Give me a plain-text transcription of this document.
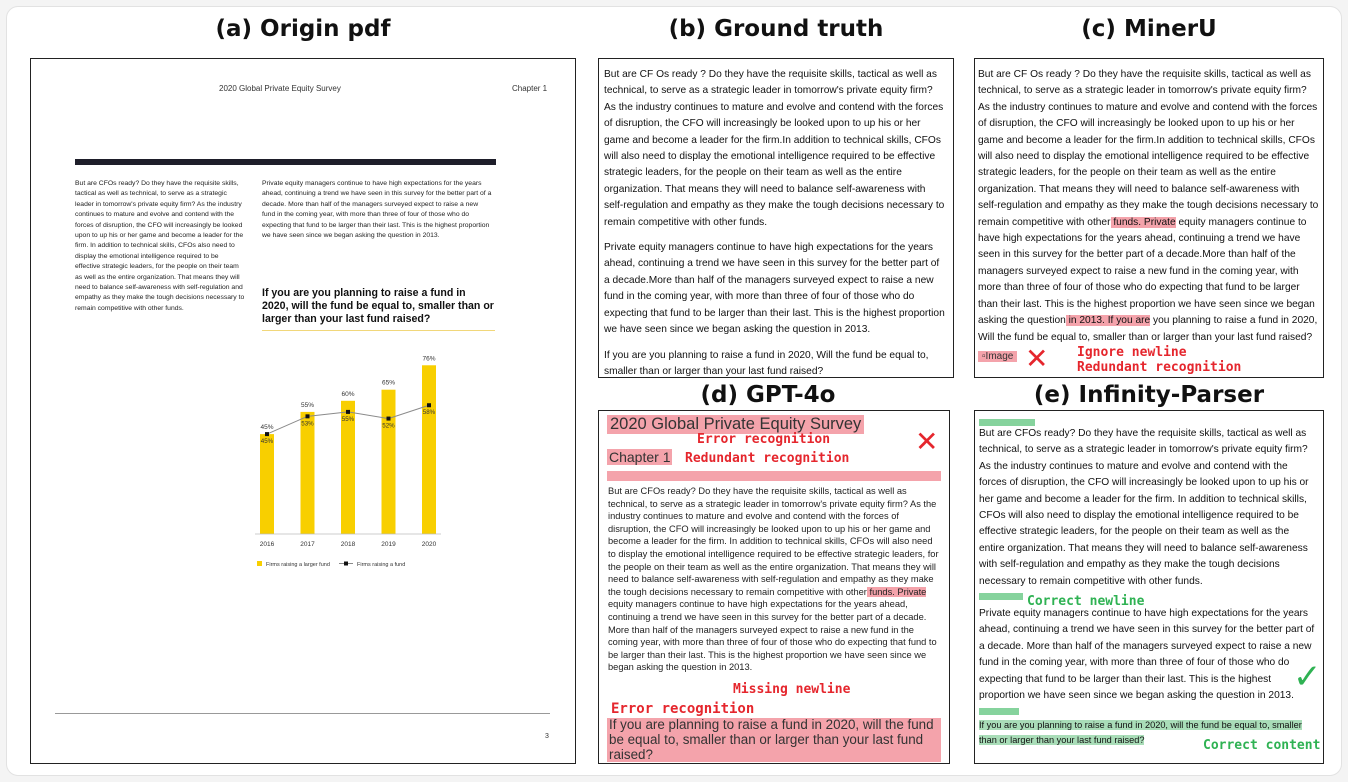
(a) Origin pdf	(b) Ground truth	(c) MinerU
(d) GPT-4o	(e) Infinity-Parser
2020 Global Private Equity Survey	Chapter 1

But are CFOs ready? Do they have the requisite skills, tactical as well as technical, to serve as a strategic leader in tomorrow's private equity firm? As the industry continues to mature and evolve and contend with the forces of disruption, the CFO will increasingly be looked upon to up his or her game and become a leader for the firm. In addition to technical skills, CFOs also need to display the emotional intelligence required to be effective strategic leaders, for the people on their team as well as the entire organization. That means they will need to balance self-awareness with self-regulation and empathy as they make the tough decisions necessary to remain competitive with other funds.

Private equity managers continue to have high expectations for the years ahead, continuing a trend we have seen in this survey for the better part of a decade. More than half of the managers surveyed expect to raise a new fund in the coming year, with more than three of four of those who do expecting that fund to be larger than their last. This is the highest proportion we have seen since we began asking the question in 2013.

If you are you planning to raise a fund in 2020, will the fund be equal to, smaller than or larger than your last fund raised?

45%
2016
55%
2017
60%
2018
65%
2019
76%
2020
45%
53%
55%
52%
58%
Firms raising a larger fund	Firms raising a fund
3

But are CF Os ready ? Do they have the requisite skills, tactical as well as technical, to serve as a strategic leader in tomorrow's private equity firm? As the industry continues to mature and evolve and contend with the forces of disruption, the CFO will increasingly be looked upon to up his or her game and become a leader for the firm.In addition to technical skills, CFOs will also need to display the emotional intelligence required to be effective strategic leaders, for the people on their team as well as the entire organization. That means they will need to balance self-awareness with self-regulation and empathy as they make the tough decisions necessary to remain competitive with other funds.

Private equity managers continue to have high expectations for the years ahead, continuing a trend we have seen in this survey for the better part of a decade.More than half of the managers surveyed expect to raise a new fund in the coming year, with more than three of four of those who do expecting that fund to be larger than their last. This is the highest proportion we have seen since we began asking the question in 2013.

If you are you planning to raise a fund in 2020, Will the fund be equal to, smaller than or larger than your last fund raised?

But are CF Os ready ? Do they have the requisite skills, tactical as well as technical, to serve as a strategic leader in tomorrow's private equity firm? As the industry continues to mature and evolve and contend with the forces of disruption, the CFO will increasingly be looked upon to up his or her game and become a leader for the firm.In addition to technical skills, CFOs will also need to display the emotional intelligence required to be effective strategic leaders, for the people on their team as well as the entire organization. That means they will need to balance self-awareness with self-regulation and empathy as they make the tough decisions necessary to remain competitive with other funds. Private equity managers continue to have high expectations for the years ahead, continuing a trend we have seen in this survey for the better part of a decade.More than half of the managers surveyed expect to raise a new fund in the coming year, with more than three of four of those who do expecting that fund to be larger than their last. This is the highest proportion we have seen since we began asking the question in 2013. If you are you planning to raise a fund in 2020, Will the fund be equal to, smaller than or larger than your last fund raised?

▫Image ✕ Ignore newline
Redundant recognition
2020 Global Private Equity Survey
Error recognition
Chapter 1 Redundant recognition
✕

But are CFOs ready? Do they have the requisite skills, tactical as well as technical, to serve as a strategic leader in tomorrow's private equity firm? As the industry continues to mature and evolve and contend with the forces of disruption, the CFO will increasingly be looked upon to up his or her game and become a leader for the firm. In addition to technical skills, CFOs will also need to display the emotional intelligence required to be effective strategic leaders, for the people on their team as well as the entire organization. That means they will need to balance self-awareness with self-regulation and empathy as they make the tough decisions necessary to remain competitive with other funds. Private equity managers continue to have high expectations for the years ahead, continuing a trend we have seen in this survey for the better part of a decade. More than half of the managers surveyed expect to raise a new fund in the coming year, with more than three of four of those who do expecting that fund to be larger than their last. This is the highest proportion we have seen since we began asking the question in 2013.

Missing newline
Error recognition
If you are planning to raise a fund in 2020, will the fund be equal to, smaller than or larger than your last fund raised?

But are CFOs ready? Do they have the requisite skills, tactical as well as technical, to serve as a strategic leader in tomorrow's private equity firm? As the industry continues to mature and evolve and contend with the forces of disruption, the CFO will increasingly be looked upon to up his or her game and become a leader for the firm. In addition to technical skills, CFOs will also need to display the emotional intelligence required to be effective strategic leaders, for the people on their team as well as the entire organization. That means they will need to balance self-awareness with self-regulation and empathy as they make the tough decisions necessary to remain competitive with other funds.

Correct newline

Private equity managers continue to have high expectations for the years ahead, continuing a trend we have seen in this survey for the better part of a decade. More than half of the managers surveyed expect to raise a new fund in the coming year, with more than three of four of those who do expecting that fund to be larger than their last. This is the highest proportion we have seen since we began asking the question in 2013.

If you are you planning to raise a fund in 2020, will the fund be equal to, smaller than or larger than your last fund raised?

✓
Correct content
